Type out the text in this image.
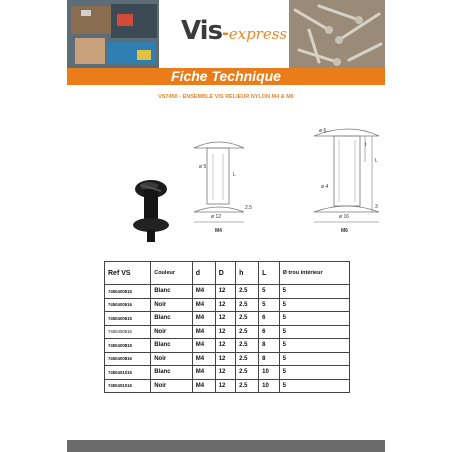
Vis-express
Fiche Technique
VS7450 - ENSEMBLE VIS RELIEUR NYLON M4 & M6
ø 5
L
2.5
ø 12
M4
ø 6
t
L
ø 4
3
ø 16
M6
Ref VS	Couleur	d	D	h	L	Ø trou intérieur
7450400515	Blanc	M4	12	2.5	5	5
7450400516	Noir	M4	12	2.5	5	5
7450400615	Blanc	M4	12	2.5	6	5
7450400616	Noir	M4	12	2.5	6	5
7450400815	Blanc	M4	12	2.5	8	5
7450400816	Noir	M4	12	2.5	8	5
7450401015	Blanc	M4	12	2.5	10	5
7450401016	Noir	M4	12	2.5	10	5
